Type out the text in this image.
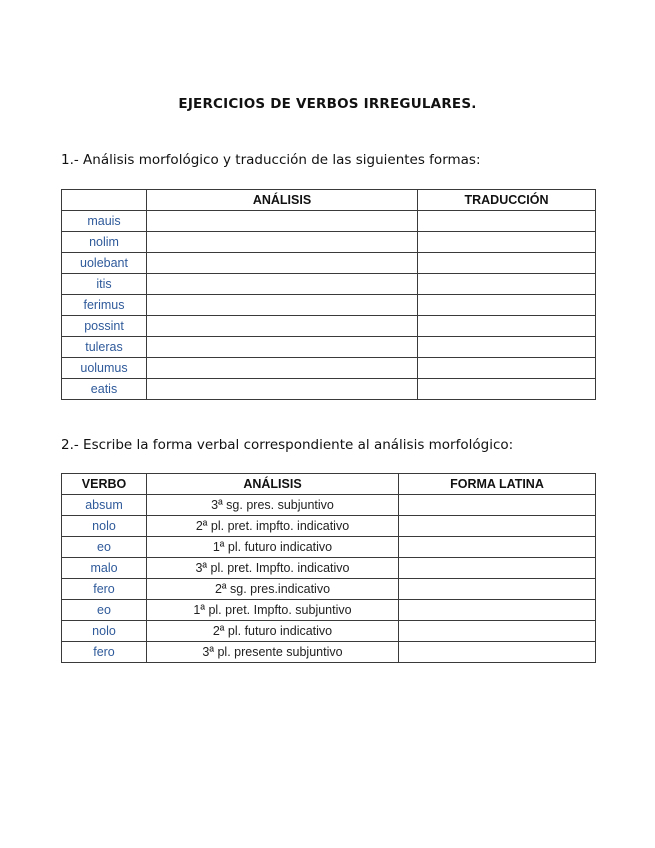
EJERCICIOS DE VERBOS IRREGULARES.
1.- Análisis morfológico y traducción de las siguientes formas:
	ANÁLISIS	TRADUCCIÓN
mauis		
nolim		
uolebant		
itis		
ferimus		
possint		
tuleras		
uolumus		
eatis		
2.- Escribe la forma verbal correspondiente al análisis morfológico:
VERBO	ANÁLISIS	FORMA LATINA
absum	3ª sg. pres. subjuntivo	
nolo	2ª pl. pret. impfto. indicativo	
eo	1ª pl. futuro indicativo	
malo	3ª pl. pret. Impfto. indicativo	
fero	2ª sg. pres.indicativo	
eo	1ª pl. pret. Impfto. subjuntivo	
nolo	2ª pl. futuro indicativo	
fero	3ª pl. presente subjuntivo	
